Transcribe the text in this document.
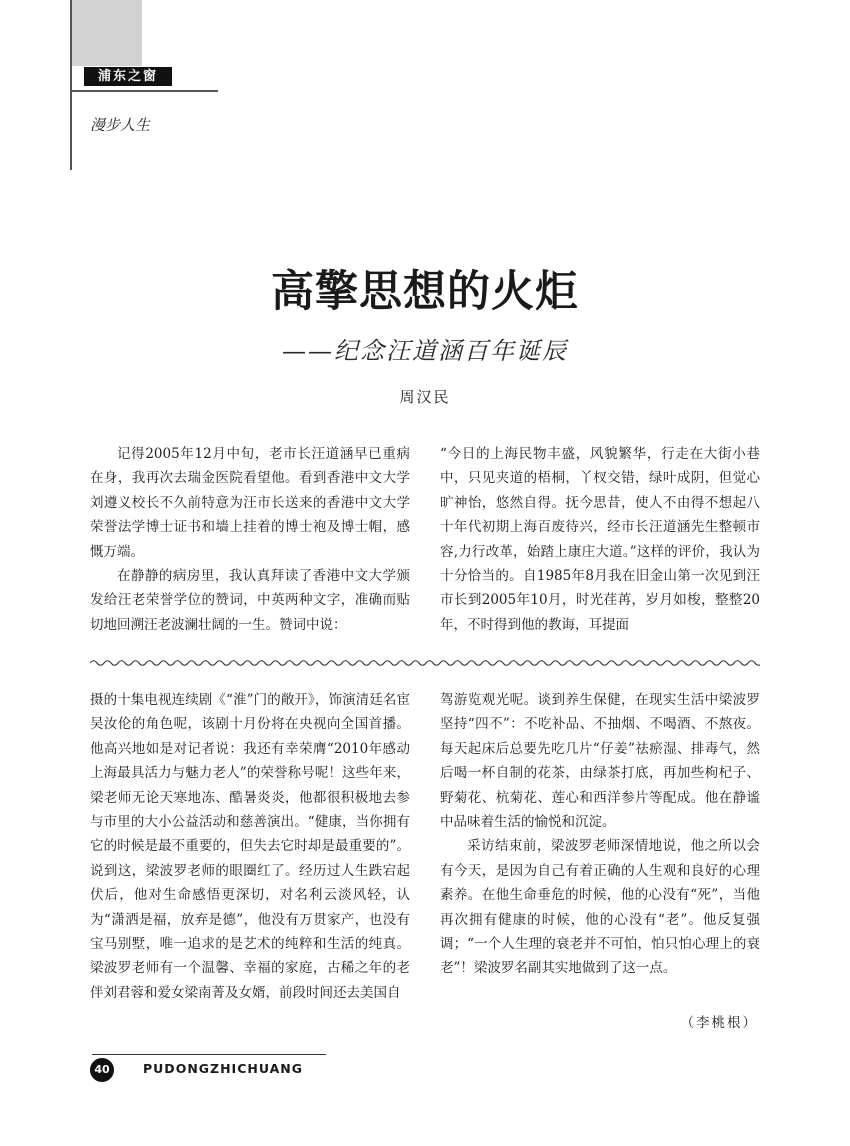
浦东之窗
漫步人生
高擎思想的火炬
——纪念汪道涵百年诞辰
周汉民

记得2005年12月中旬，老市长汪道涵早已重病在身，我再次去瑞金医院看望他。看到香港中文大学刘遵义校长不久前特意为汪市长送来的香港中文大学荣誉法学博士证书和墙上挂着的博士袍及博士帽，感慨万端。

在静静的病房里，我认真拜读了香港中文大学颁发给汪老荣誉学位的赞词，中英两种文字，准确而贴切地回溯汪老波澜壮阔的一生。赞词中说：

“今日的上海民物丰盛，风貌繁华，行走在大街小巷中，只见夹道的梧桐，丫杈交错，绿叶成阴，但觉心旷神怡，悠然自得。抚今思昔，使人不由得不想起八十年代初期上海百废待兴，经市长汪道涵先生整顿市容,力行改革，始踏上康庄大道。”这样的评价，我认为十分恰当的。自1985年8月我在旧金山第一次见到汪市长到2005年10月，时光荏苒，岁月如梭，整整20年，不时得到他的教诲，耳提面

摄的十集电视连续剧《“淮”门的敞开》，饰演清廷名宦吴汝伦的角色呢，该剧十月份将在央视向全国首播。他高兴地如是对记者说：我还有幸荣膺“2010年感动上海最具活力与魅力老人”的荣誉称号呢！这些年来，梁老师无论天寒地冻、酷暑炎炎，他都很积极地去参与市里的大小公益活动和慈善演出。“健康，当你拥有它的时候是最不重要的，但失去它时却是最重要的”。说到这，梁波罗老师的眼圈红了。经历过人生跌宕起伏后，他对生命感悟更深切，对名利云淡风轻，认为“潇洒是福，放弃是德”，他没有万贯家产，也没有宝马别墅，唯一追求的是艺术的纯粹和生活的纯真。梁波罗老师有一个温馨、幸福的家庭，古稀之年的老伴刘君蓉和爱女梁南菁及女婿，前段时间还去美国自

驾游览观光呢。谈到养生保健，在现实生活中梁波罗坚持“四不”：不吃补品、不抽烟、不喝酒、不熬夜。每天起床后总要先吃几片“仔姜”祛瘀湿、排毒气，然后喝一杯自制的花茶，由绿茶打底，再加些枸杞子、野菊花、杭菊花、莲心和西洋参片等配成。他在静谧中品味着生活的愉悦和沉淀。

采访结束前，梁波罗老师深情地说，他之所以会有今天，是因为自己有着正确的人生观和良好的心理素养。在他生命垂危的时候，他的心没有“死”，当他再次拥有健康的时候，他的心没有“老”。他反复强调；“一个人生理的衰老并不可怕，怕只怕心理上的衰老”！梁波罗名副其实地做到了这一点。

（李桃根）
40	PUDONGZHICHUANG
